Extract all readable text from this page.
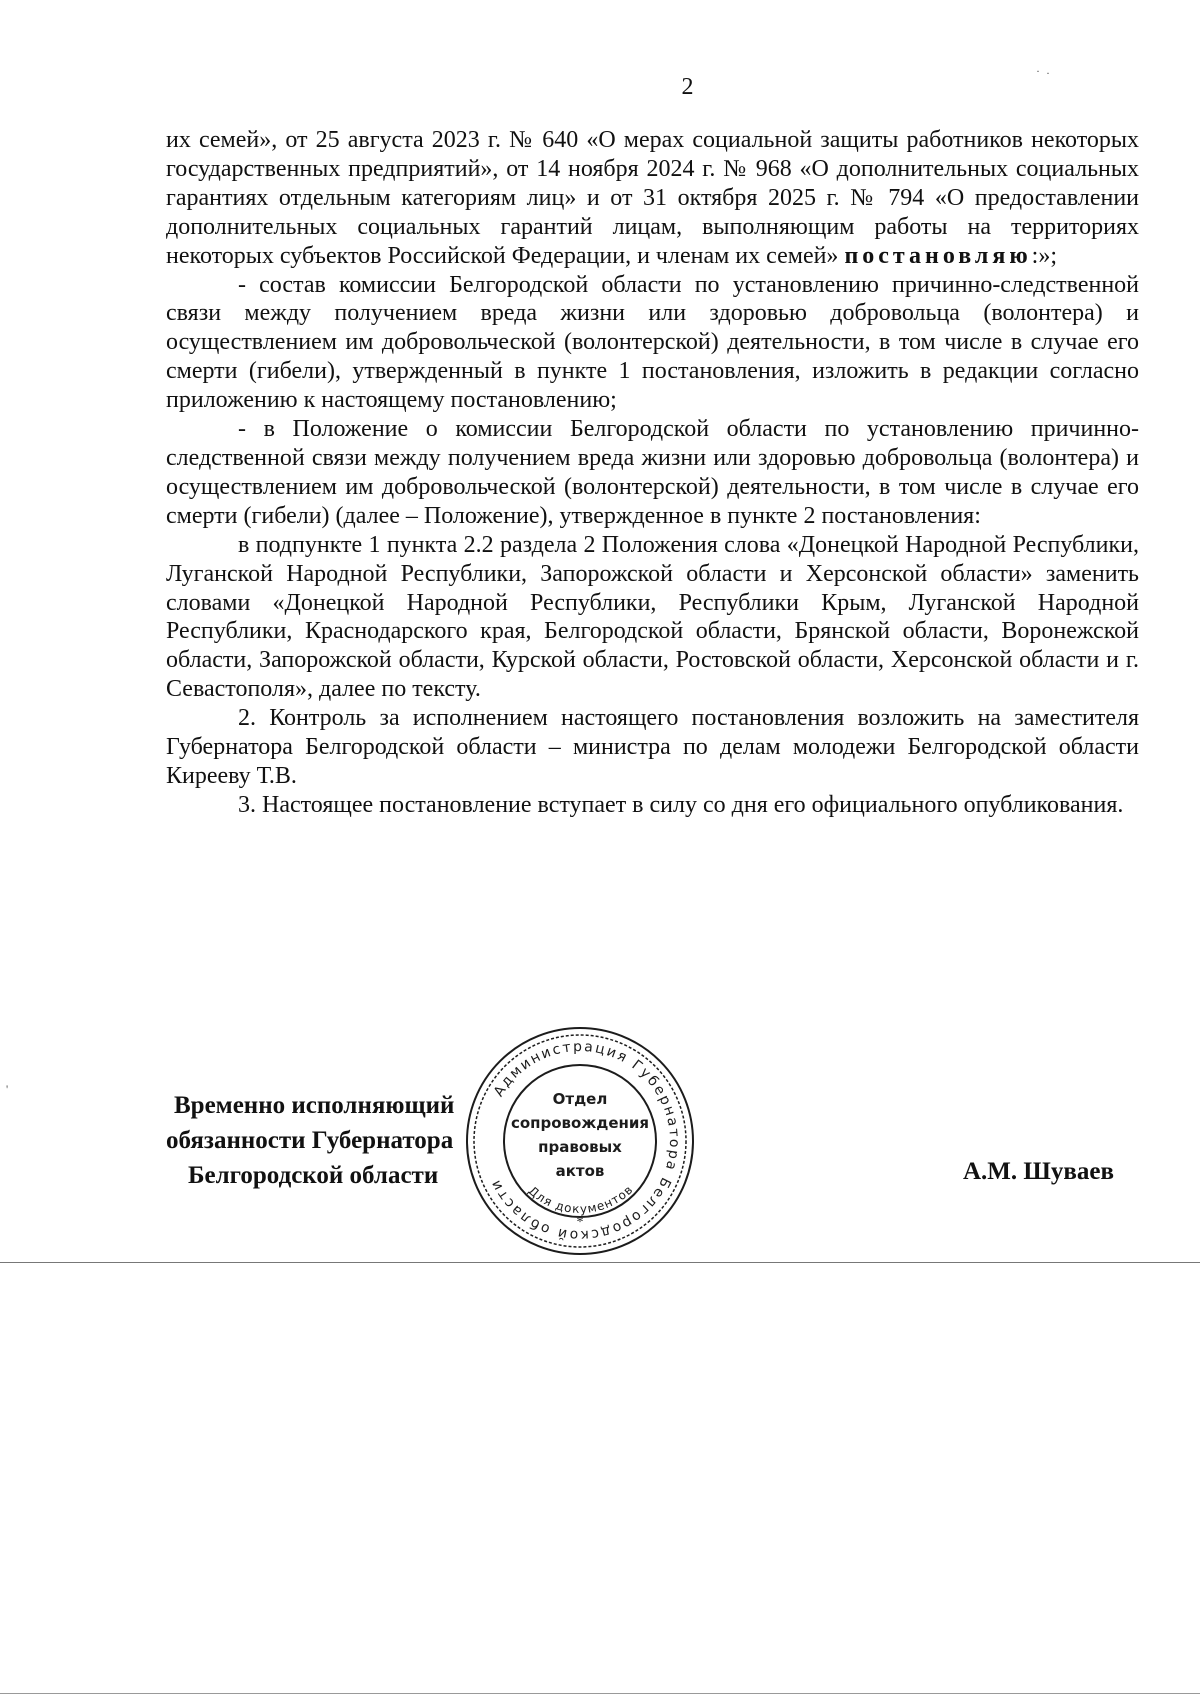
2

их семей», от 25 августа 2023 г. № 640 «О мерах социальной защиты работников некоторых государственных предприятий», от 14 ноября 2024 г. № 968 «О дополнительных социальных гарантиях отдельным категориям лиц» и от 31 октября 2025 г. № 794 «О предоставлении дополнительных социальных гарантий лицам, выполняющим работы на территориях некоторых субъектов Российской Федерации, и членам их семей» постановляю:»;

- состав комиссии Белгородской области по установлению причинно-следственной связи между получением вреда жизни или здоровью добровольца (волонтера) и осуществлением им добровольческой (волонтерской) деятельности, в том числе в случае его смерти (гибели), утвержденный в пункте 1 постановления, изложить в редакции согласно приложению к настоящему постановлению;

- в Положение о комиссии Белгородской области по установлению причинно-следственной связи между получением вреда жизни или здоровью добровольца (волонтера) и осуществлением им добровольческой (волонтерской) деятельности, в том числе в случае его смерти (гибели) (далее – Положение), утвержденное в пункте 2 постановления:

в подпункте 1 пункта 2.2 раздела 2 Положения слова «Донецкой Народной Республики, Луганской Народной Республики, Запорожской области и Херсонской области» заменить словами «Донецкой Народной Республики, Республики Крым, Луганской Народной Республики, Краснодарского края, Белгородской области, Брянской области, Воронежской области, Запорожской области, Курской области, Ростовской области, Херсонской области и г. Севастополя», далее по тексту.

2. Контроль за исполнением настоящего постановления возложить на заместителя Губернатора Белгородской области – министра по делам молодежи Белгородской области Кирееву Т.В.

3. Настоящее постановление вступает в силу со дня его официального опубликования.

Временно исполняющий
обязанности Губернатора
Белгородской области	А.М. Шуваев
Администрация Губернатора Белгородской области	Для документов
Отдел
сопровождения
правовых
актов
*
· ·
'
